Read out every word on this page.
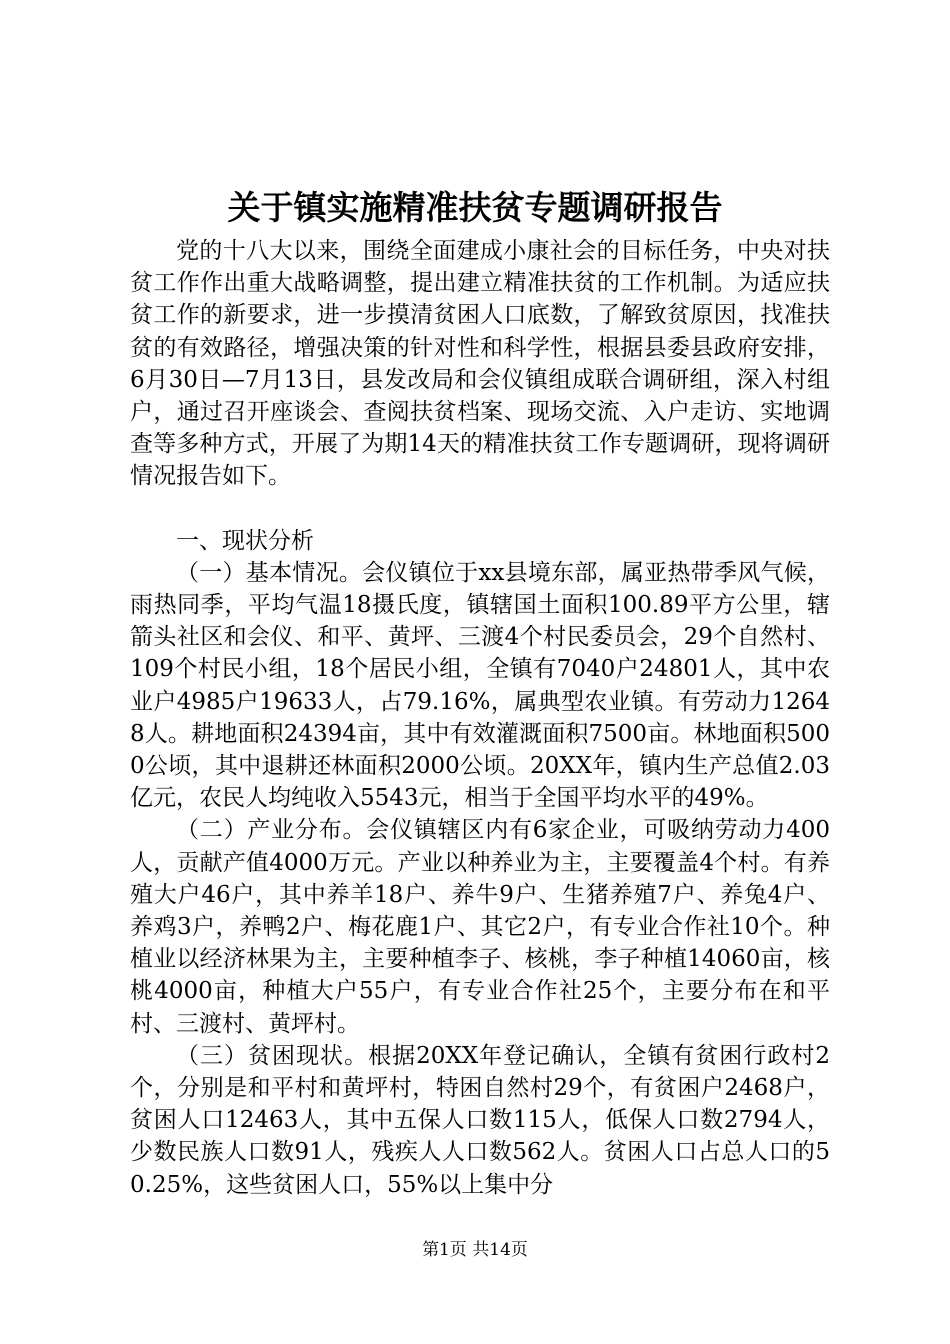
关于镇实施精准扶贫专题调研报告

党的十八大以来，围绕全面建成小康社会的目标任务，中央对扶贫工作作出重大战略调整，提出建立精准扶贫的工作机制。为适应扶贫工作的新要求，进一步摸清贫困人口底数，了解致贫原因，找准扶贫的有效路径，增强决策的针对性和科学性，根据县委县政府安排，6月30日—7月13日，县发改局和会仪镇组成联合调研组，深入村组户，通过召开座谈会、查阅扶贫档案、现场交流、入户走访、实地调查等多种方式，开展了为期14天的精准扶贫工作专题调研，现将调研情况报告如下。

一、现状分析

（一）基本情况。会仪镇位于xx县境东部，属亚热带季风气候，雨热同季，平均气温18摄氏度，镇辖国土面积100.89平方公里，辖箭头社区和会仪、和平、黄坪、三渡4个村民委员会，29个自然村、109个村民小组，18个居民小组，全镇有7040户24801人，其中农业户4985户19633人，占79.16%，属典型农业镇。有劳动力12648人。耕地面积24394亩，其中有效灌溉面积7500亩。林地面积5000公顷，其中退耕还林面积2000公顷。20XX年，镇内生产总值2.03亿元，农民人均纯收入5543元，相当于全国平均水平的49%。

（二）产业分布。会仪镇辖区内有6家企业，可吸纳劳动力400人，贡献产值4000万元。产业以种养业为主，主要覆盖4个村。有养殖大户46户，其中养羊18户、养牛9户、生猪养殖7户、养兔4户、养鸡3户，养鸭2户、梅花鹿1户、其它2户，有专业合作社10个。种植业以经济林果为主，主要种植李子、核桃，李子种植14060亩，核桃4000亩，种植大户55户，有专业合作社25个，主要分布在和平村、三渡村、黄坪村。

（三）贫困现状。根据20XX年登记确认，全镇有贫困行政村2个，分别是和平村和黄坪村，特困自然村29个，有贫困户2468户，贫困人口12463人，其中五保人口数115人，低保人口数2794人，少数民族人口数91人，残疾人人口数562人。贫困人口占总人口的50.25%，这些贫困人口，55%以上集中分

第1页 共14页
